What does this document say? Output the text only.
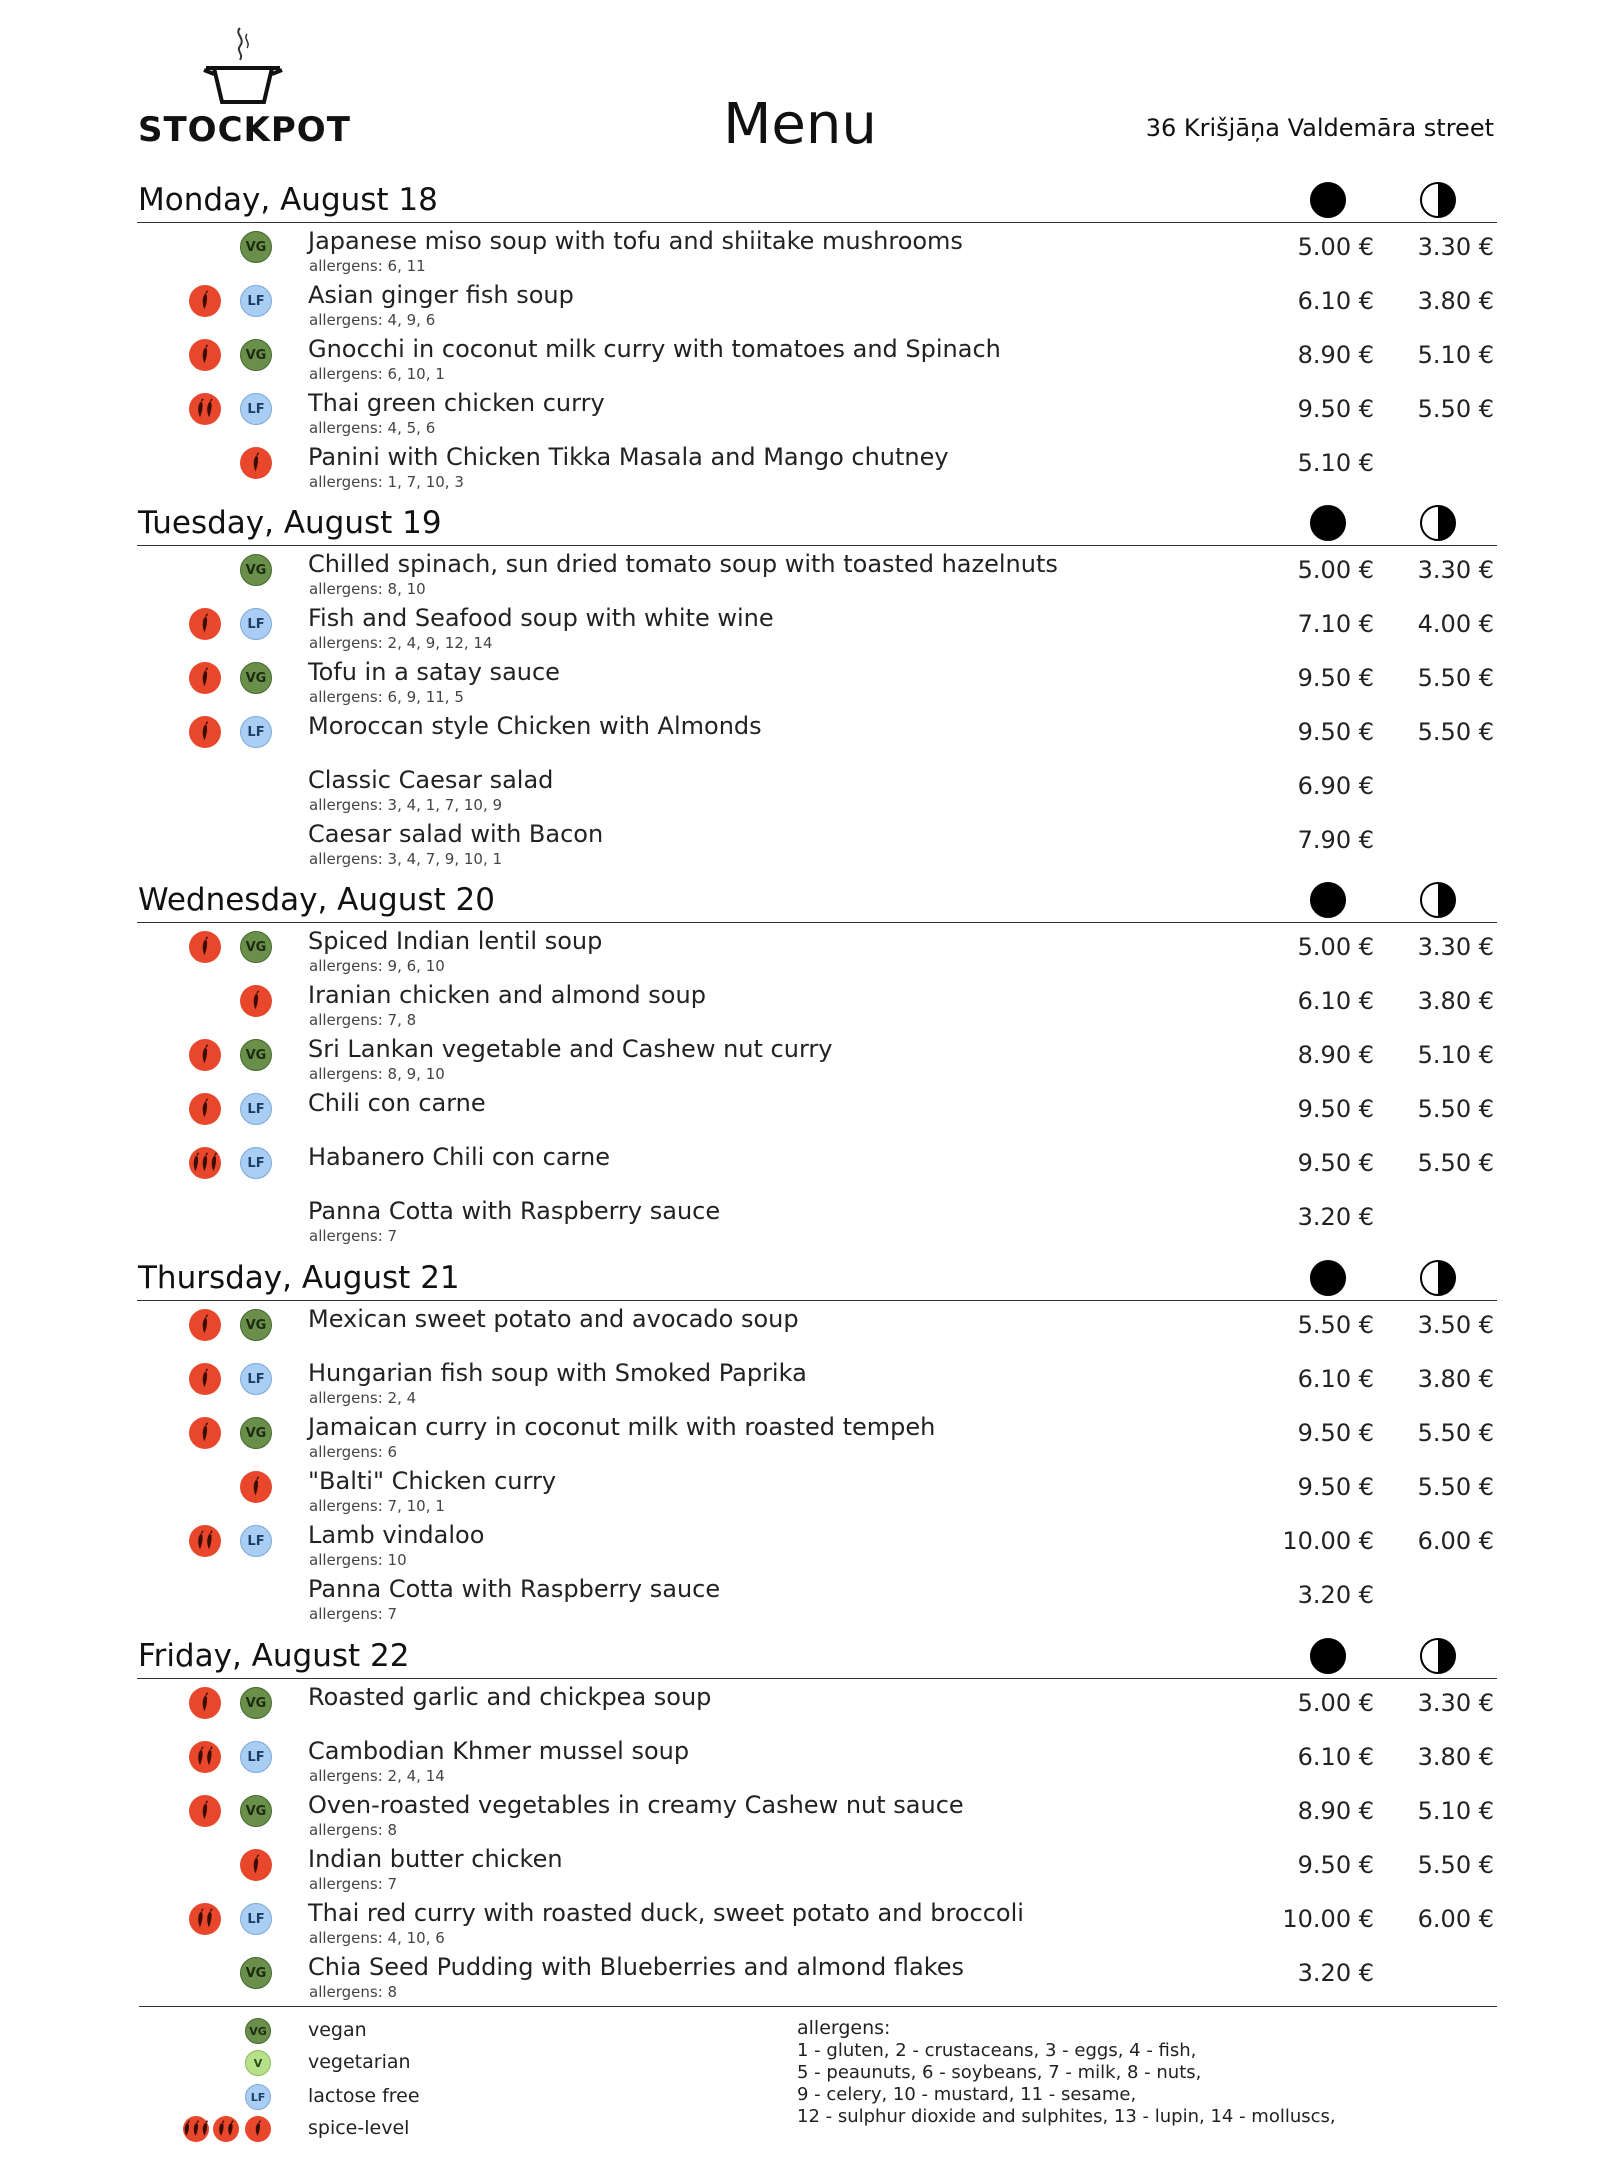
STOCKPOT	Menu	36 Krišjāņa Valdemāra street
Monday, August 18
VG Japanese miso soup with tofu and shiitake mushrooms
allergens: 6, 11
5.00 € 3.30 €
LF	Asian ginger fish soup
allergens: 4, 9, 6
6.10 € 3.80 €
VG Gnocchi in coconut milk curry with tomatoes and Spinach
allergens: 6, 10, 1
8.90 € 5.10 €
LF	Thai green chicken curry
allergens: 4, 5, 6
9.50 € 5.50 €
Panini with Chicken Tikka Masala and Mango chutney
allergens: 1, 7, 10, 3
5.10 €
Tuesday, August 19
VG Chilled spinach, sun dried tomato soup with toasted hazelnuts
allergens: 8, 10
5.00 € 3.30 €
LF	Fish and Seafood soup with white wine
allergens: 2, 4, 9, 12, 14
7.10 € 4.00 €
VG Tofu in a satay sauce
allergens: 6, 9, 11, 5
9.50 € 5.50 €
LF	Moroccan style Chicken with Almonds	9.50 € 5.50 €
Classic Caesar salad
allergens: 3, 4, 1, 7, 10, 9
6.90 €
Caesar salad with Bacon
allergens: 3, 4, 7, 9, 10, 1
7.90 €
Wednesday, August 20
VG Spiced Indian lentil soup
allergens: 9, 6, 10
5.00 € 3.30 €
Iranian chicken and almond soup
allergens: 7, 8
6.10 € 3.80 €
VG Sri Lankan vegetable and Cashew nut curry
allergens: 8, 9, 10
8.90 € 5.10 €
LF	Chili con carne	9.50 € 5.50 €
LF	Habanero Chili con carne	9.50 € 5.50 €
Panna Cotta with Raspberry sauce
allergens: 7
3.20 €
Thursday, August 21
VG Mexican sweet potato and avocado soup	5.50 € 3.50 €
LF	Hungarian fish soup with Smoked Paprika
allergens: 2, 4
6.10 € 3.80 €
VG Jamaican curry in coconut milk with roasted tempeh
allergens: 6
9.50 € 5.50 €
"Balti" Chicken curry
allergens: 7, 10, 1
9.50 € 5.50 €
LF	Lamb vindaloo
allergens: 10
10.00 € 6.00 €
Panna Cotta with Raspberry sauce
allergens: 7
3.20 €
Friday, August 22
VG Roasted garlic and chickpea soup	5.00 € 3.30 €
LF	Cambodian Khmer mussel soup
allergens: 2, 4, 14
6.10 € 3.80 €
VG Oven-roasted vegetables in creamy Cashew nut sauce
allergens: 8
8.90 € 5.10 €
Indian butter chicken
allergens: 7
9.50 € 5.50 €
LF	Thai red curry with roasted duck, sweet potato and broccoli
allergens: 4, 10, 6
10.00 € 6.00 €
VG Chia Seed Pudding with Blueberries and almond flakes
allergens: 8
3.20 €
VG vegan
V	vegetarian
LF	lactose free
spice-level
allergens:
1 - gluten, 2 - crustaceans, 3 - eggs, 4 - fish,
5 - peaunuts, 6 - soybeans, 7 - milk, 8 - nuts,
9 - celery, 10 - mustard, 11 - sesame,
12 - sulphur dioxide and sulphites, 13 - lupin, 14 - molluscs,
